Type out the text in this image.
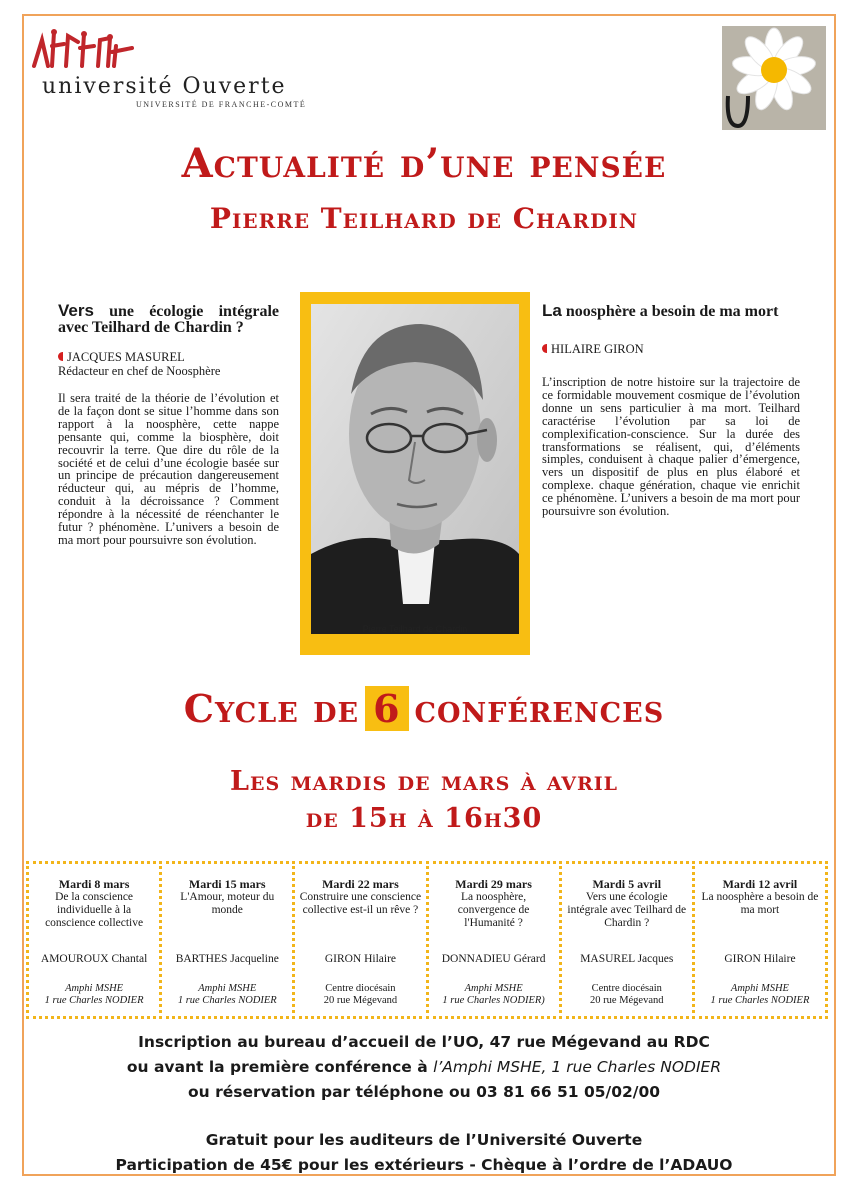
université Ouverte
UNIVERSITÉ DE FRANCHE-COMTÉ
Actualité d’une pensée
Pierre Teilhard de Chardin
Vers une écologie intégrale avec Teilhard de Chardin ?
JACQUES MASUREL
Rédacteur en chef de Noosphère
Il sera traité de la théorie de l’évolution et de la façon dont se situe l’homme dans son rapport à la noosphère, cette nappe pensante qui, comme la biosphère, doit recouvrir la terre. Que dire du rôle de la société et de celui d’une écologie basée sur un principe de précaution dangereusement réducteur qui, au mépris de l’homme, conduit à la décroissance ? Comment répondre à la nécessité de réenchanter le futur ? phénomène. L’univers a besoin de ma mort pour poursuivre son évolution.
Pierre Teilhard de Chardin
La noosphère a besoin de ma mort
HILAIRE GIRON
L’inscription de notre histoire sur la trajectoire de ce formidable mouvement cosmique de l’évolution donne un sens particulier à ma mort. Teilhard caractérise l’évolution par sa loi de complexification-conscience. Sur la durée des transformations se réalisent, qui, d’éléments simples, conduisent à chaque palier d’émergence, vers un dispositif de plus en plus élaboré et complexe. chaque génération, chaque vie enrichit ce phénomène. L’univers a besoin de ma mort pour poursuivre son évolution.
Cycle de 6 conférences
Les mardis de mars à avril
de 15h à 16h30
Mardi 8 mars
De la conscience individuelle à la conscience collective
AMOUROUX Chantal
Amphi MSHE
1 rue Charles NODIER
Mardi 15 mars
L'Amour, moteur du monde
BARTHES Jacqueline
Amphi MSHE
1 rue Charles NODIER
Mardi 22 mars
Construire une conscience collective est-il un rêve ?
GIRON Hilaire
Centre diocésain
20 rue Mégevand
Mardi 29 mars
La noosphère, convergence de l'Humanité ?
DONNADIEU Gérard
Amphi MSHE
1 rue Charles NODIER)
Mardi 5 avril
Vers une écologie intégrale avec Teilhard de Chardin ?
MASUREL Jacques
Centre diocésain
20 rue Mégevand
Mardi 12 avril
La noosphère a besoin de ma mort
GIRON Hilaire
Amphi MSHE
1 rue Charles NODIER
Inscription au bureau d’accueil de l’UO, 47 rue Mégevand au RDC
ou avant la première conférence à l’Amphi MSHE, 1 rue Charles NODIER
ou réservation par téléphone ou 03 81 66 51 05/02/00
Gratuit pour les auditeurs de l’Université Ouverte
Participation de 45€ pour les extérieurs - Chèque à l’ordre de l’ADAUO
